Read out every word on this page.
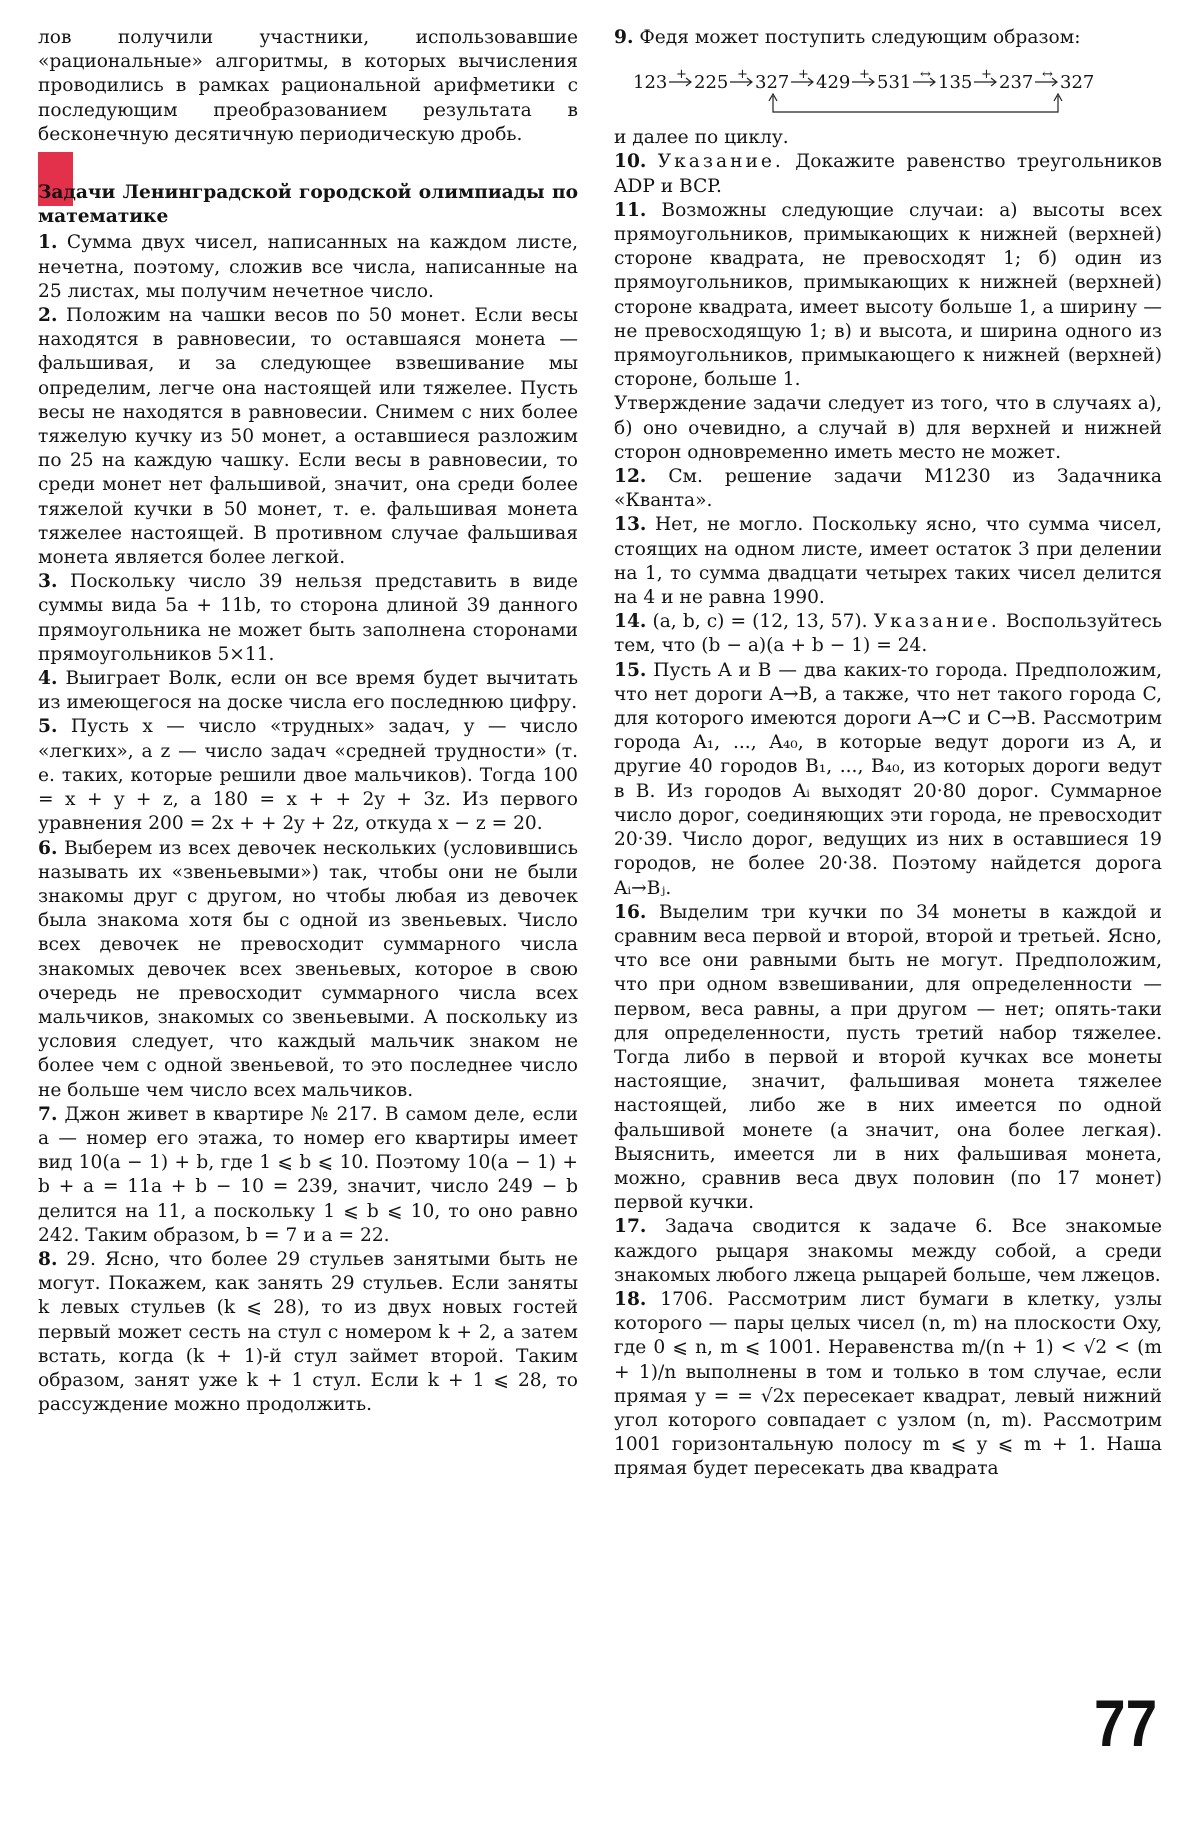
лов получили участники, использовавшие «рациональные» алгоритмы, в которых вычисления проводились в рамках рациональной арифметики с последующим преобразованием результата в бесконечную десятичную периодическую дробь.

Задачи Ленинградской городской олимпиады по математике

1. Сумма двух чисел, написанных на каждом листе, нечетна, поэтому, сложив все числа, написанные на 25 листах, мы получим нечетное число.

2. Положим на чашки весов по 50 монет. Если весы находятся в равновесии, то оставшаяся монета — фальшивая, и за следующее взвешивание мы определим, легче она настоящей или тяжелее. Пусть весы не находятся в равновесии. Снимем с них более тяжелую кучку из 50 монет, а оставшиеся разложим по 25 на каждую чашку. Если весы в равновесии, то среди монет нет фальшивой, значит, она среди более тяжелой кучки в 50 монет, т. е. фальшивая монета тяжелее настоящей. В противном случае фальшивая монета является более легкой.

3. Поскольку число 39 нельзя представить в виде суммы вида 5a + 11b, то сторона длиной 39 данного прямоугольника не может быть заполнена сторонами прямоугольников 5×11.

4. Выиграет Волк, если он все время будет вычитать из имеющегося на доске числа его последнюю цифру.

5. Пусть x — число «трудных» задач, y — число «легких», а z — число задач «средней трудности» (т. е. таких, которые решили двое мальчиков). Тогда 100 = x + y + z, а 180 = x + + 2y + 3z. Из первого уравнения 200 = 2x + + 2y + 2z, откуда x − z = 20.

6. Выберем из всех девочек нескольких (условившись называть их «звеньевыми») так, чтобы они не были знакомы друг с другом, но чтобы любая из девочек была знакома хотя бы с одной из звеньевых. Число всех девочек не превосходит суммарного числа знакомых девочек всех звеньевых, которое в свою очередь не превосходит суммарного числа всех мальчиков, знакомых со звеньевыми. А поскольку из условия следует, что каждый мальчик знаком не более чем с одной звеньевой, то это последнее число не больше чем число всех мальчиков.

7. Джон живет в квартире № 217. В самом деле, если a — номер его этажа, то номер его квартиры имеет вид 10(a − 1) + b, где 1 ⩽ b ⩽ 10. Поэтому 10(a − 1) + b + a = 11a + b − 10 = 239, значит, число 249 − b делится на 11, а поскольку 1 ⩽ b ⩽ 10, то оно равно 242. Таким образом, b = 7 и a = 22.

8. 29. Ясно, что более 29 стульев занятыми быть не могут. Покажем, как занять 29 стульев. Если заняты k левых стульев (k ⩽ 28), то из двух новых гостей первый может сесть на стул с номером k + 2, а затем встать, когда (k + 1)-й стул займет второй. Таким образом, занят уже k + 1 стул. Если k + 1 ⩽ 28, то рассуждение можно продолжить.

9. Федя может поступить следующим образом:

123 + 225 + 327 + 429 + 531 ↔ 135 + 237 ↔ 327

и далее по циклу.

10. Указание. Докажите равенство треугольников ADP и BCP.

11. Возможны следующие случаи: а) высоты всех прямоугольников, примыкающих к нижней (верхней) стороне квадрата, не превосходят 1; б) один из прямоугольников, примыкающих к нижней (верхней) стороне квадрата, имеет высоту больше 1, а ширину — не превосходящую 1; в) и высота, и ширина одного из прямоугольников, примыкающего к нижней (верхней) стороне, больше 1.

Утверждение задачи следует из того, что в случаях а), б) оно очевидно, а случай в) для верхней и нижней сторон одновременно иметь место не может.

12. См. решение задачи М1230 из Задачника «Кванта».

13. Нет, не могло. Поскольку ясно, что сумма чисел, стоящих на одном листе, имеет остаток 3 при делении на 1, то сумма двадцати четырех таких чисел делится на 4 и не равна 1990.

14. (a, b, c) = (12, 13, 57). Указание. Воспользуйтесь тем, что (b − a)(a + b − 1) = 24.

15. Пусть A и B — два каких-то города. Предположим, что нет дороги A→B, а также, что нет такого города C, для которого имеются дороги A→C и C→B. Рассмотрим города A₁, ..., A₄₀, в которые ведут дороги из A, и другие 40 городов B₁, ..., B₄₀, из которых дороги ведут в B. Из городов Aᵢ выходят 20·80 дорог. Суммарное число дорог, соединяющих эти города, не превосходит 20·39. Число дорог, ведущих из них в оставшиеся 19 городов, не более 20·38. Поэтому найдется дорога Aᵢ→Bⱼ.

16. Выделим три кучки по 34 монеты в каждой и сравним веса первой и второй, второй и третьей. Ясно, что все они равными быть не могут. Предположим, что при одном взвешивании, для определенности — первом, веса равны, а при другом — нет; опять-таки для определенности, пусть третий набор тяжелее. Тогда либо в первой и второй кучках все монеты настоящие, значит, фальшивая монета тяжелее настоящей, либо же в них имеется по одной фальшивой монете (а значит, она более легкая). Выяснить, имеется ли в них фальшивая монета, можно, сравнив веса двух половин (по 17 монет) первой кучки.

17. Задача сводится к задаче 6. Все знакомые каждого рыцаря знакомы между собой, а среди знакомых любого лжеца рыцарей больше, чем лжецов.

18. 1706. Рассмотрим лист бумаги в клетку, узлы которого — пары целых чисел (n, m) на плоскости Oxy, где 0 ⩽ n, m ⩽ 1001. Неравенства m/(n + 1) < √2 < (m + 1)/n выполнены в том и только в том случае, если прямая y = = √2x пересекает квадрат, левый нижний угол которого совпадает с узлом (n, m). Рассмотрим 1001 горизонтальную полосу m ⩽ y ⩽ m + 1. Наша прямая будет пересекать два квадрата

77
